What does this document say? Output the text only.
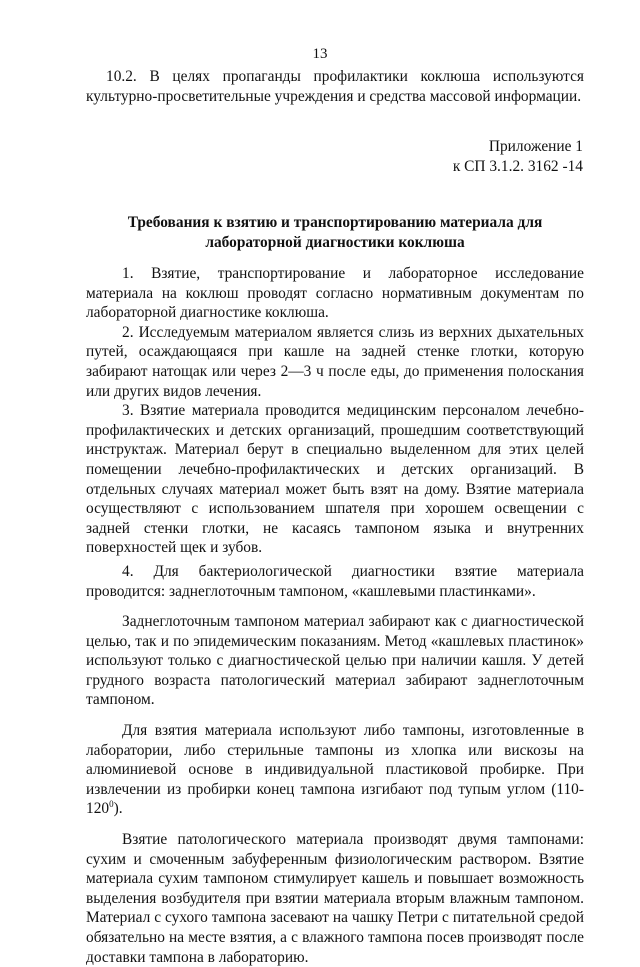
13

10.2. В целях пропаганды профилактики коклюша используются культурно-просветительные учреждения и средства массовой информации.

Приложение 1
к СП 3.1.2. 3162 -14
Требования к взятию и транспортированию материала для
лабораторной диагностики коклюша

1. Взятие, транспортирование и лабораторное исследование материала на коклюш проводят согласно нормативным документам по лабораторной диагностике коклюша.

2. Исследуемым материалом является слизь из верхних дыхательных путей, осаждающаяся при кашле на задней стенке глотки, которую забирают натощак или через 2—3 ч после еды, до применения полоскания или других видов лечения.

3. Взятие материала проводится медицинским персоналом лечебно-профилактических и детских организаций, прошедшим соответствующий инструктаж. Материал берут в специально выделенном для этих целей помещении лечебно-профилактических и детских организаций. В отдельных случаях материал может быть взят на дому. Взятие материала осуществляют с использованием шпателя при хорошем освещении с задней стенки глотки, не касаясь тампоном языка и внутренних поверхностей щек и зубов.

4. Для бактериологической диагностики взятие материала проводится: заднеглоточным тампоном, «кашлевыми пластинками».

Заднеглоточным тампоном материал забирают как с диагностической целью, так и по эпидемическим показаниям. Метод «кашлевых пластинок» используют только с диагностической целью при наличии кашля. У детей грудного возраста патологический материал забирают заднеглоточным тампоном.

Для взятия материала используют либо тампоны, изготовленные в лаборатории, либо стерильные тампоны из хлопка или вискозы на алюминиевой основе в индивидуальной пластиковой пробирке. При извлечении из пробирки конец тампона изгибают под тупым углом $(110-120^0)$.

Взятие патологического материала производят двумя тампонами: сухим и смоченным забуференным физиологическим раствором. Взятие материала сухим тампоном стимулирует кашель и повышает возможность выделения возбудителя при взятии материала вторым влажным тампоном. Материал с сухого тампона засевают на чашку Петри с питательной средой обязательно на месте взятия, а с влажного тампона посев производят после доставки тампона в лабораторию.
